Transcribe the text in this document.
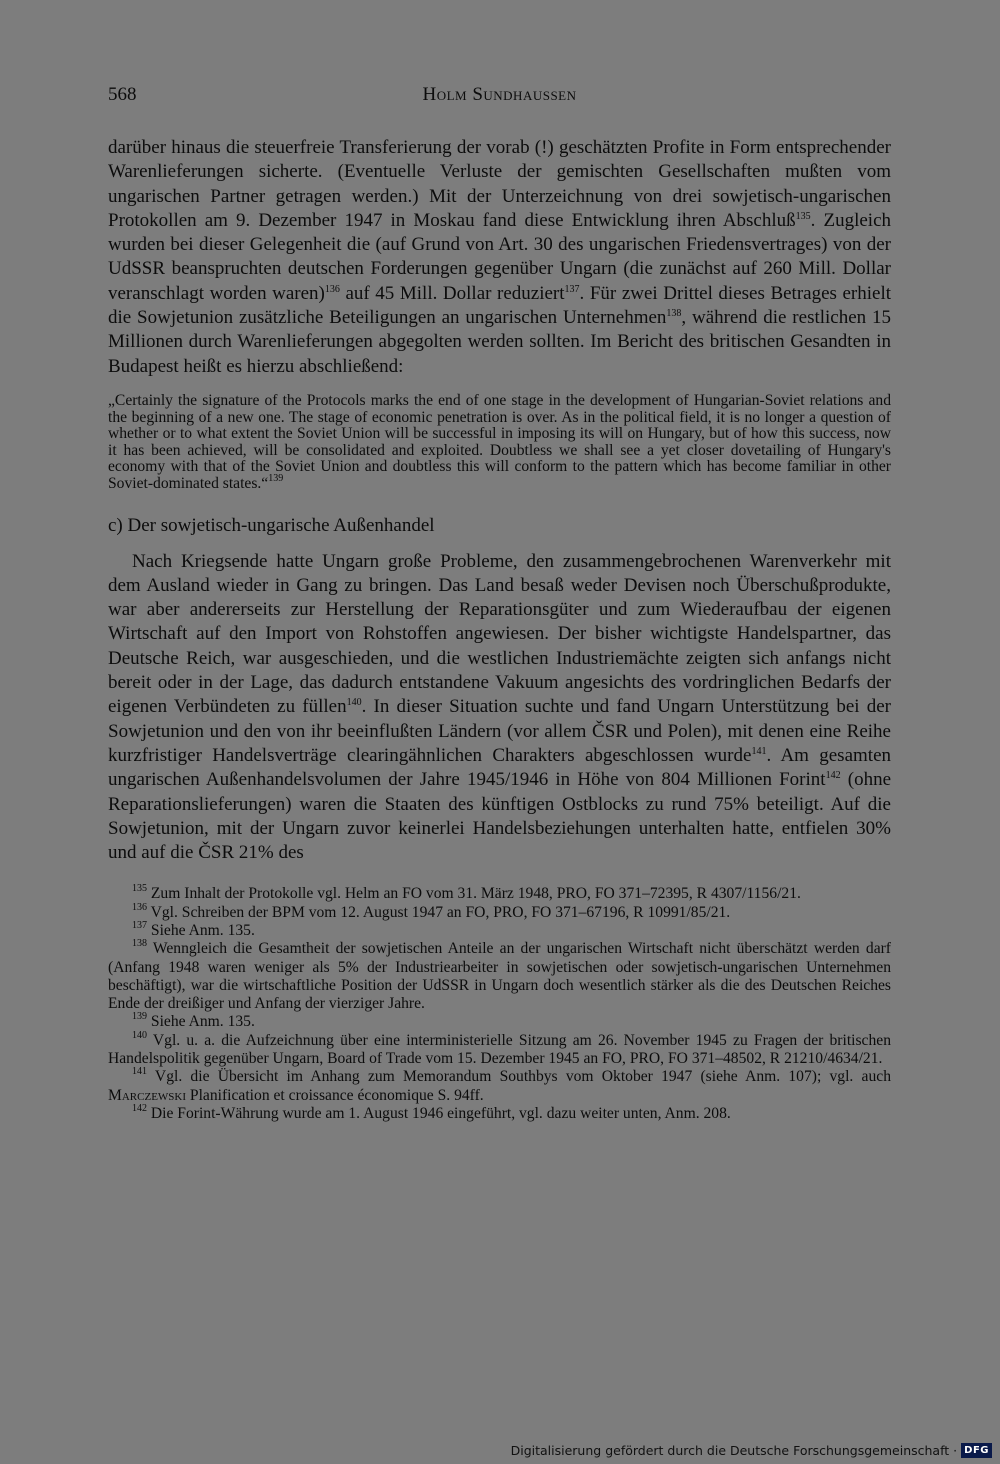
568	Holm Sundhaussen

darüber hinaus die steuerfreie Transferierung der vorab (!) geschätzten Profite in Form entsprechender Warenlieferungen sicherte. (Eventuelle Verluste der gemischten Gesellschaften mußten vom ungarischen Partner getragen werden.) Mit der Unterzeichnung von drei sowjetisch-ungarischen Protokollen am 9. Dezember 1947 in Moskau fand diese Entwicklung ihren Abschluß$^{135}$. Zugleich wurden bei dieser Gelegenheit die (auf Grund von Art. 30 des ungarischen Friedensvertrages) von der UdSSR beanspruchten deutschen Forderungen gegenüber Ungarn (die zunächst auf 260 Mill. Dollar veranschlagt worden waren)$^{136}$ auf 45 Mill. Dollar reduziert$^{137}$. Für zwei Drittel dieses Betrages erhielt die Sowjetunion zusätzliche Beteiligungen an ungarischen Unternehmen$^{138}$, während die restlichen 15 Millionen durch Warenlieferungen abgegolten werden sollten. Im Bericht des britischen Gesandten in Budapest heißt es hierzu abschließend:

„Certainly the signature of the Protocols marks the end of one stage in the development of Hungarian-Soviet relations and the beginning of a new one. The stage of economic penetration is over. As in the political field, it is no longer a question of whether or to what extent the Soviet Union will be successful in imposing its will on Hungary, but of how this success, now it has been achieved, will be consolidated and exploited. Doubtless we shall see a yet closer dovetailing of Hungary's economy with that of the Soviet Union and doubtless this will conform to the pattern which has become familiar in other Soviet-dominated states.“$^{139}$

c) Der sowjetisch-ungarische Außenhandel

Nach Kriegsende hatte Ungarn große Probleme, den zusammengebrochenen Warenverkehr mit dem Ausland wieder in Gang zu bringen. Das Land besaß weder Devisen noch Überschußprodukte, war aber andererseits zur Herstellung der Reparationsgüter und zum Wiederaufbau der eigenen Wirtschaft auf den Import von Rohstoffen angewiesen. Der bisher wichtigste Handelspartner, das Deutsche Reich, war ausgeschieden, und die westlichen Industriemächte zeigten sich anfangs nicht bereit oder in der Lage, das dadurch entstandene Vakuum angesichts des vordringlichen Bedarfs der eigenen Verbündeten zu füllen$^{140}$. In dieser Situation suchte und fand Ungarn Unterstützung bei der Sowjetunion und den von ihr beeinflußten Ländern (vor allem ČSR und Polen), mit denen eine Reihe kurzfristiger Handelsverträge clearingähnlichen Charakters abgeschlossen wurde$^{141}$. Am gesamten ungarischen Außenhandelsvolumen der Jahre 1945/1946 in Höhe von 804 Millionen Forint$^{142}$ (ohne Reparationslieferungen) waren die Staaten des künftigen Ostblocks zu rund 75% beteiligt. Auf die Sowjetunion, mit der Ungarn zuvor keinerlei Handelsbeziehungen unterhalten hatte, entfielen 30% und auf die ČSR 21% des

$^{135}$ Zum Inhalt der Protokolle vgl. Helm an FO vom 31. März 1948, PRO, FO 371–72395, R 4307/1156/21.

$^{136}$ Vgl. Schreiben der BPM vom 12. August 1947 an FO, PRO, FO 371–67196, R 10991/85/21.

$^{137}$ Siehe Anm. 135.

$^{138}$ Wenngleich die Gesamtheit der sowjetischen Anteile an der ungarischen Wirtschaft nicht überschätzt werden darf (Anfang 1948 waren weniger als 5% der Industriearbeiter in sowjetischen oder sowjetisch-ungarischen Unternehmen beschäftigt), war die wirtschaftliche Position der UdSSR in Ungarn doch wesentlich stärker als die des Deutschen Reiches Ende der dreißiger und Anfang der vierziger Jahre.

$^{139}$ Siehe Anm. 135.

$^{140}$ Vgl. u. a. die Aufzeichnung über eine interministerielle Sitzung am 26. November 1945 zu Fragen der britischen Handelspolitik gegenüber Ungarn, Board of Trade vom 15. Dezember 1945 an FO, PRO, FO 371–48502, R 21210/4634/21.

$^{141}$ Vgl. die Übersicht im Anhang zum Memorandum Southbys vom Oktober 1947 (siehe Anm. 107); vgl. auch Marczewski Planification et croissance économique S. 94ff.

$^{142}$ Die Forint-Währung wurde am 1. August 1946 eingeführt, vgl. dazu weiter unten, Anm. 208.

Digitalisierung gefördert durch die Deutsche Forschungsgemeinschaft · DFG
